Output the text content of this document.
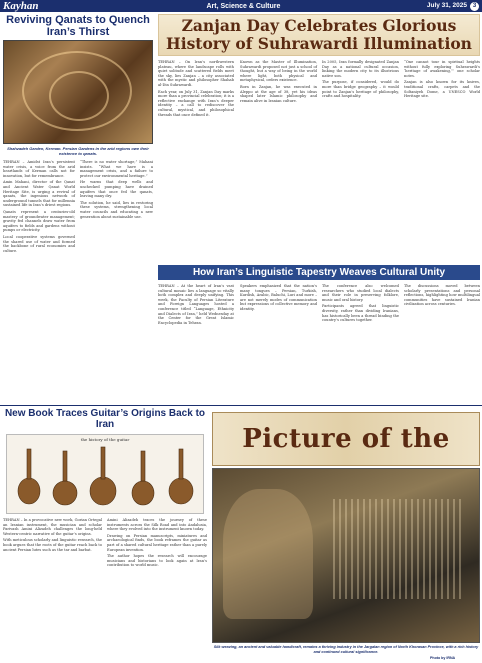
Kayhan	Art, Science & Culture	July 31, 2025 3
Reviving Qanats to Quench Iran’s Thirst
Shahzadeh Garden, Kerman. Persian Gardens in the arid regions owe their existence to qanats.

TEHRAN – Amidst Iran’s persistent water crisis, a voice from the arid heartlands of Kerman calls not for innovation, but for remembrance.

Amin Mahani, director of the Qanat and Ancient Water Qanat World Heritage Site, is urging a revival of qanats, the ingenious network of underground tunnels that for millennia sustained life in Iran’s driest regions.

Qanats represent a centuries-old mastery of groundwater management; gravity fed channels draw water from aquifers to fields and gardens without pumps or electricity.

Local cooperative systems governed the shared use of water and formed the backbone of rural economies and culture.

“There is no water shortage,” Mahani insists. “What we have is a management crisis, and a failure to protect our environmental heritage.”

He warns that deep wells and unchecked pumping have drained aquifers that once fed the qanats, leaving many dry.

The solution, he said, lies in restoring these systems, strengthening local water councils and educating a new generation about sustainable use.

Zanjan Day Celebrates Glorious History of Suhrawardi Illumination

TEHRAN – On Iran’s northwestern plateau, where the landscape rolls with quiet solitude and scattered fields meet the sky, lies Zanjan – a city associated with the mystic and philosopher Shahab al-Din Suhrawardi.

Each year, on July 31, Zanjan Day marks more than a provincial celebration; it is a reflective exchange with Iran’s deeper identity – a call to rediscover the cultural, mystical, and philosophical threads that once defined it.

Known as the Master of Illumination, Suhrawardi proposed not just a school of thought, but a way of being in the world where light, both physical and metaphysical, orders existence.

Born in Zanjan, he was executed in Aleppo at the age of 38, yet his ideas shaped later Islamic philosophy and remain alive in Iranian culture.

In 2005, Iran formally designated Zanjan Day as a national cultural occasion, linking the modern city to its illustrious native son.

The purpose, if considered, would do more than bridge geography – it would point to Zanjan’s heritage of philosophy, crafts and hospitality.

“One cannot tour in spiritual heights without fully exploring Suhrawardi’s ‘heritage of awakening,’” one scholar notes.

Zanjan is also known for its knives, traditional crafts, carpets and the Soltaniyeh Dome, a UNESCO World Heritage site.

How Iran’s Linguistic Tapestry Weaves Cultural Unity

TEHRAN – At the heart of Iran’s vast cultural mosaic lies a language so vitally both complex and deeply unifying. This week, the Faculty of Persian Literature and Foreign Languages hosted a conference titled “Language, Ethnicity and Dialects of Iran,” held Wednesday at the Center for the Great Islamic Encyclopedia in Tehran.

Speakers emphasized that the nation’s many tongues – Persian, Turkish, Kurdish, Arabic, Baluchi, Luri and more – are not merely modes of communication but expressions of collective memory and identity.

The conference also welcomed researchers who studied local dialects and their role in preserving folklore, music and oral history.

Participants agreed that linguistic diversity, rather than dividing Iranians, has historically been a thread binding the country’s cultures together.

The discussions moved between scholarly presentations and personal reflections, highlighting how multilingual communities have sustained Iranian civilization across centuries.

New Book Traces Guitar’s Origins Back to Iran
the history of the guitar

TEHRAN – In a provocative new work, Gorian Ortegal an Iranian instrument, the musician and scholar Parivash Amini Alizadeh challenges the long-held Western-centric narrative of the guitar’s origins.

With meticulous scholarly and linguistic research, the book argues that the roots of the guitar reach back to ancient Persian lutes such as the tar and barbat.

Amini Alizadeh traces the journey of these instruments across the Silk Road and into Andalusia, where they evolved into the instrument known today.

Drawing on Persian manuscripts, miniatures and archaeological finds, the book reframes the guitar as part of a shared cultural heritage rather than a purely European invention.

The author hopes the research will encourage musicians and historians to look again at Iran’s contribution to world music.

Picture of the
Silk weaving, an ancient and valuable handicraft, remains a thriving industry in the Jargalan region of North Khorasan Province, with a rich history and continued cultural significance.
Photo by IRNA
